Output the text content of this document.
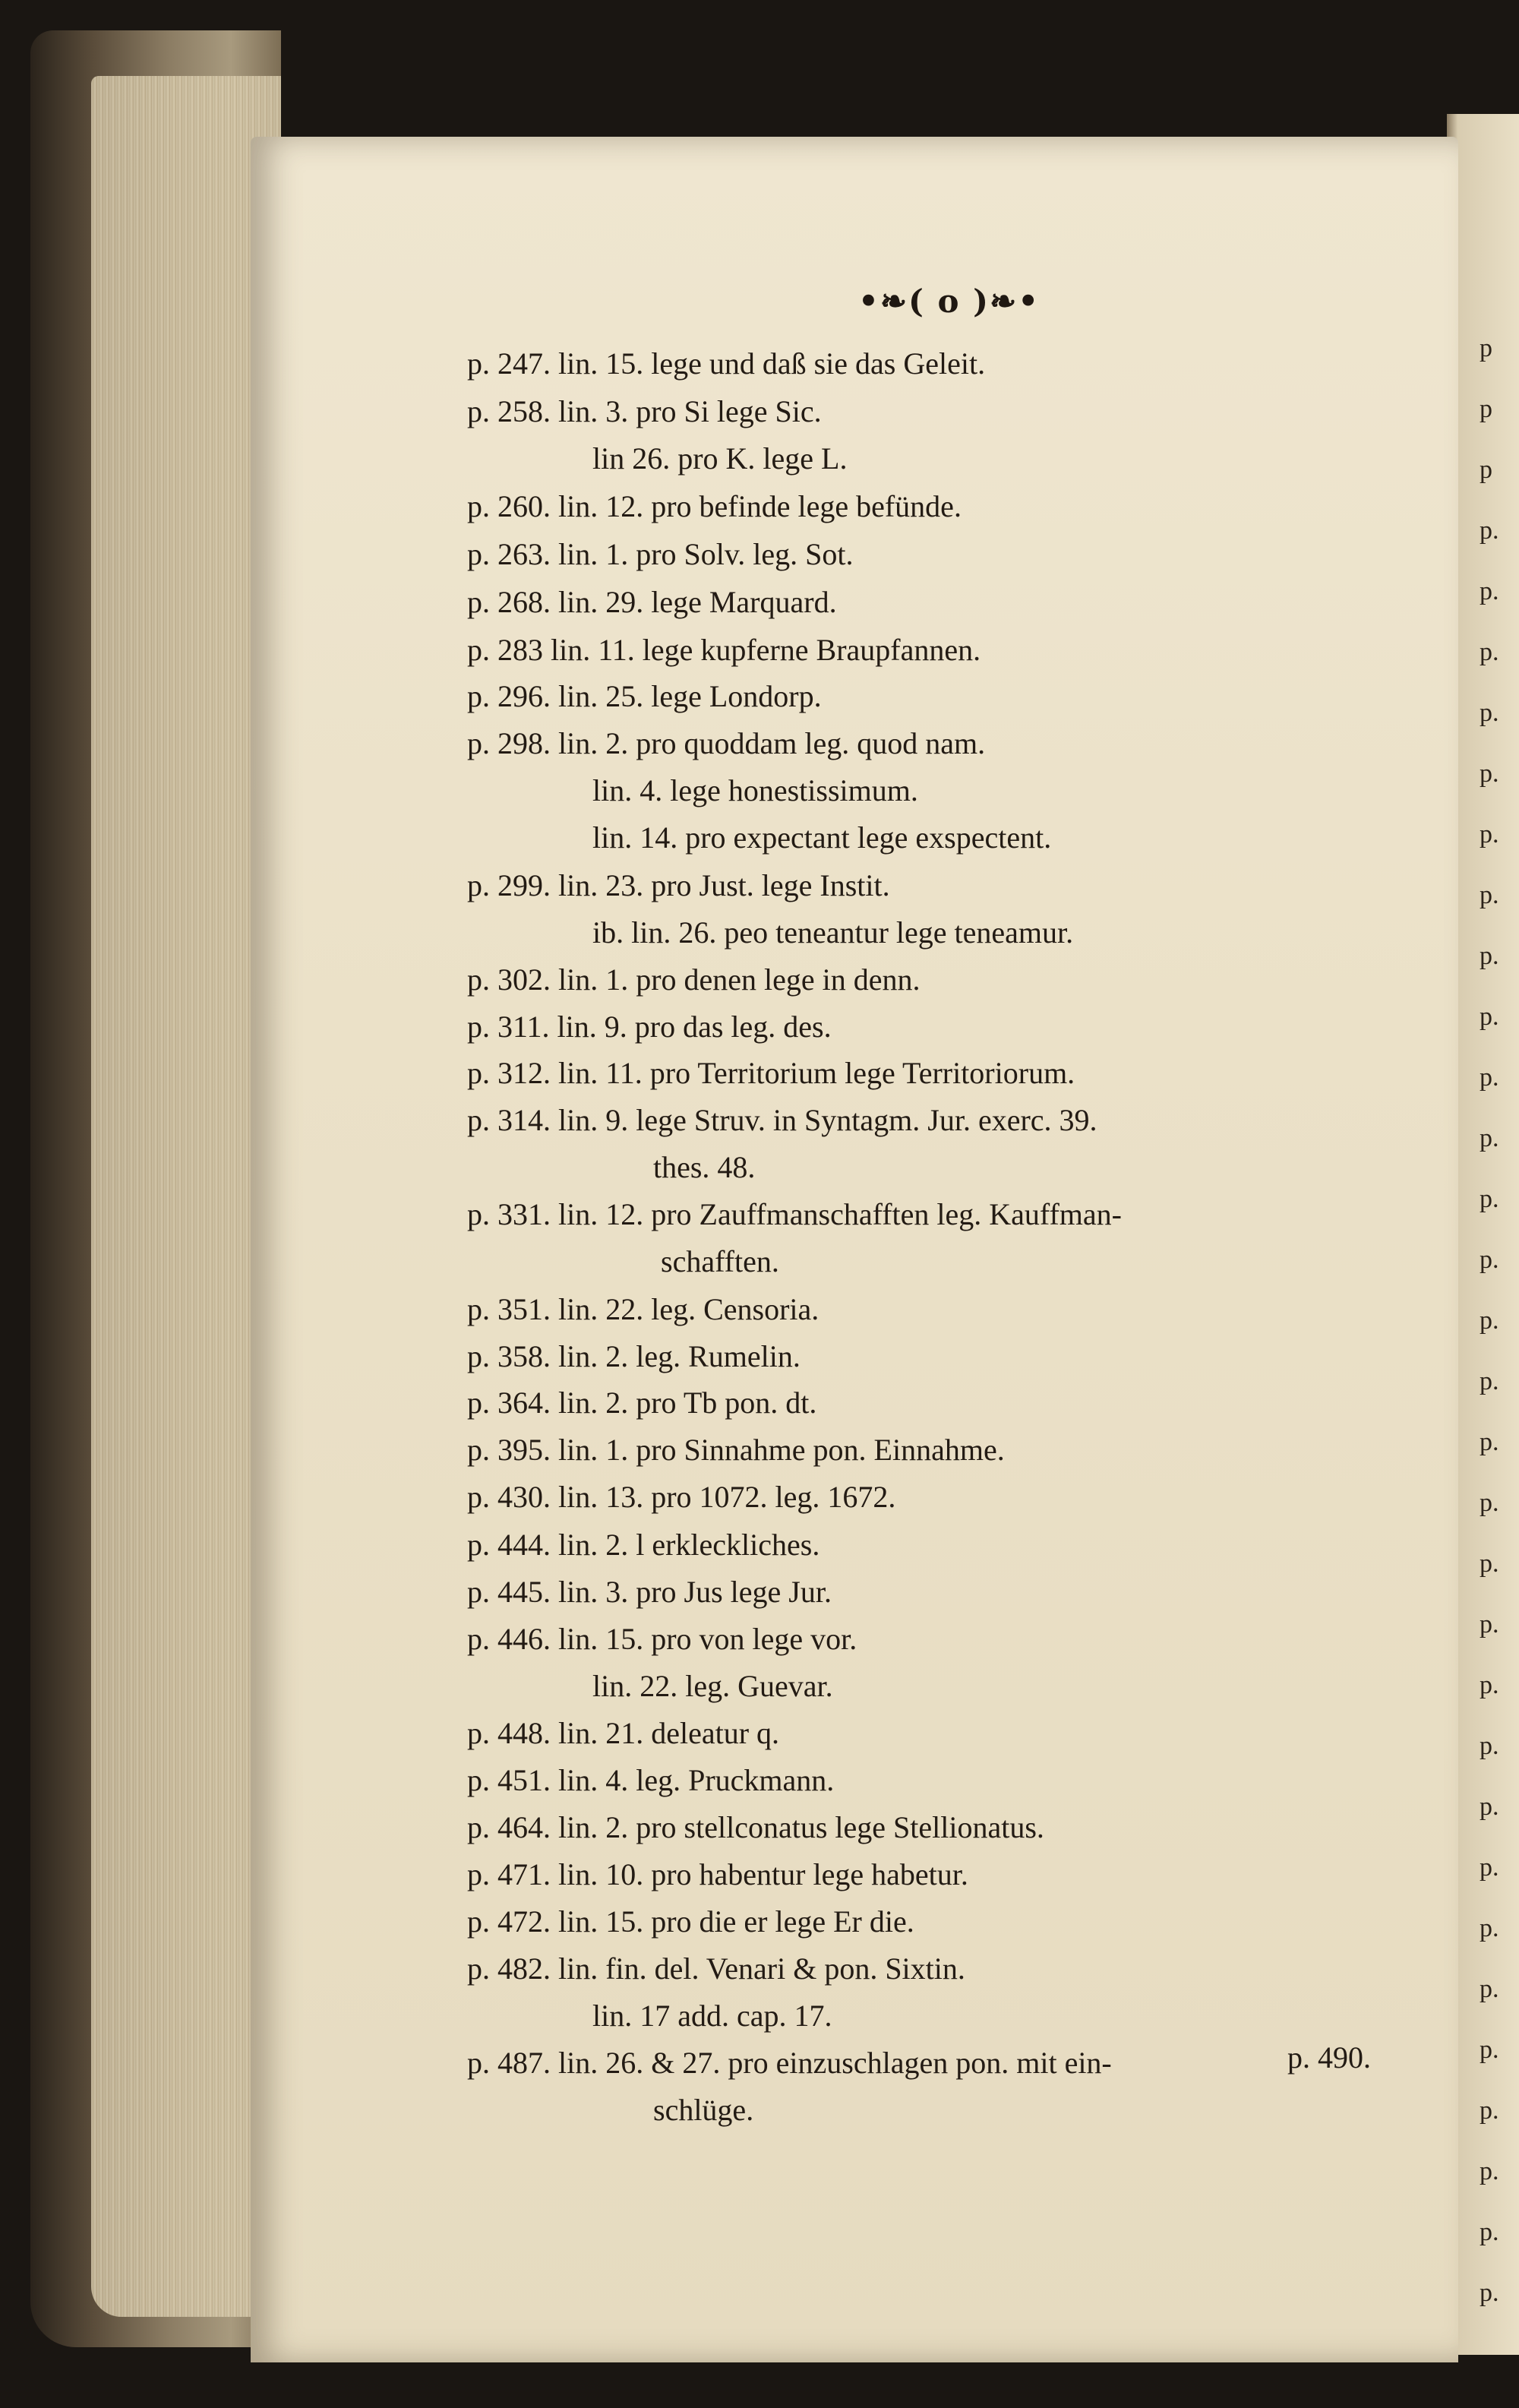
•❧( o )❧•
p. 247. lin. 15. lege und daß sie das Geleit.
p. 258. lin. 3. pro Si lege Sic.
lin 26. pro K. lege L.
p. 260. lin. 12. pro befinde lege befünde.
p. 263. lin. 1. pro Solv. leg. Sot.
p. 268. lin. 29. lege Marquard.
p. 283 lin. 11. lege kupferne Braupfannen.
p. 296. lin. 25. lege Londorp.
p. 298. lin. 2. pro quoddam leg. quod nam.
lin. 4. lege honestissimum.
lin. 14. pro expectant lege exspectent.
p. 299. lin. 23. pro Just. lege Instit.
ib. lin. 26. peo teneantur lege teneamur.
p. 302. lin. 1. pro denen lege in denn.
p. 311. lin. 9. pro das leg. des.
p. 312. lin. 11. pro Territorium lege Territoriorum.
p. 314. lin. 9. lege Struv. in Syntagm. Jur. exerc. 39.
thes. 48.
p. 331. lin. 12. pro Zauffmanschafften leg. Kauffman-
schafften.
p. 351. lin. 22. leg. Censoria.
p. 358. lin. 2. leg. Rumelin.
p. 364. lin. 2. pro Tb pon. dt.
p. 395. lin. 1. pro Sinnahme pon. Einnahme.
p. 430. lin. 13. pro 1072. leg. 1672.
p. 444. lin. 2. l erkleckliches.
p. 445. lin. 3. pro Jus lege Jur.
p. 446. lin. 15. pro von lege vor.
lin. 22. leg. Guevar.
p. 448. lin. 21. deleatur q.
p. 451. lin. 4. leg. Pruckmann.
p. 464. lin. 2. pro stellconatus lege Stellionatus.
p. 471. lin. 10. pro habentur lege habetur.
p. 472. lin. 15. pro die er lege Er die.
p. 482. lin. fin. del. Venari & pon. Sixtin.
lin. 17 add. cap. 17.
p. 487. lin. 26. & 27. pro einzuschlagen pon. mit ein-
schlüge.
p
p
p
p.
p.
p.
p.
p.
p.
p.
p.
p.
p.
p.
p.
p.
p.
p.
p.
p.
p.
p.
p.
p.
p.
p.
p.
p.
p.
p.
p.
p.
p.
p. 490.
